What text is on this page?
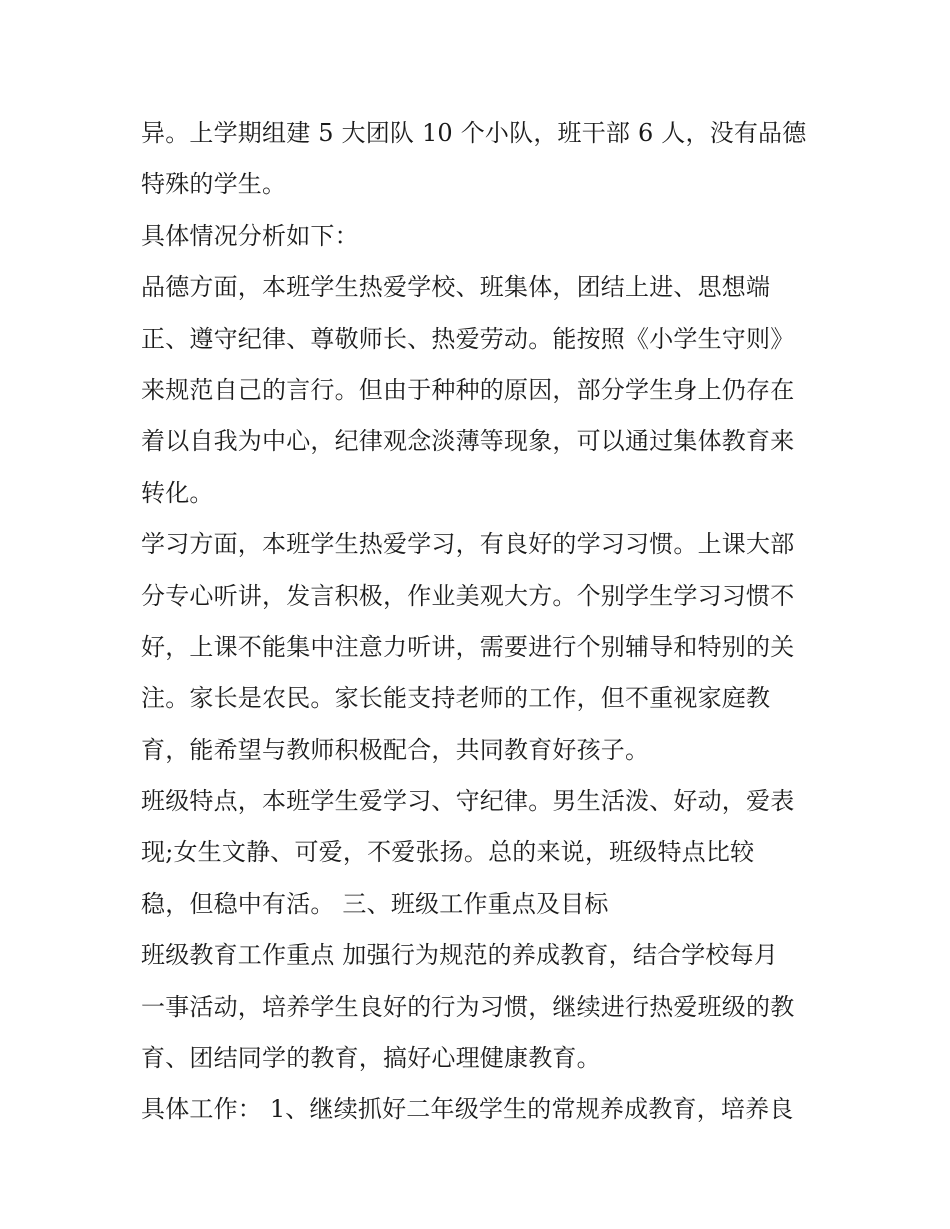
异。上学期组建 5 大团队 10 个小队，班干部 6 人，没有品德
特殊的学生。
具体情况分析如下：
品德方面，本班学生热爱学校、班集体，团结上进、思想端
正、遵守纪律、尊敬师长、热爱劳动。能按照《小学生守则》
来规范自己的言行。但由于种种的原因，部分学生身上仍存在
着以自我为中心，纪律观念淡薄等现象，可以通过集体教育来
转化。
学习方面，本班学生热爱学习，有良好的学习习惯。上课大部
分专心听讲，发言积极，作业美观大方。个别学生学习习惯不
好，上课不能集中注意力听讲，需要进行个别辅导和特别的关
注。家长是农民。家长能支持老师的工作，但不重视家庭教
育，能希望与教师积极配合，共同教育好孩子。
班级特点，本班学生爱学习、守纪律。男生活泼、好动，爱表
现;女生文静、可爱，不爱张扬。总的来说，班级特点比较
稳，但稳中有活。 三、班级工作重点及目标
班级教育工作重点 加强行为规范的养成教育，结合学校每月
一事活动，培养学生良好的行为习惯，继续进行热爱班级的教
育、团结同学的教育，搞好心理健康教育。
具体工作： 1、继续抓好二年级学生的常规养成教育，培养良
